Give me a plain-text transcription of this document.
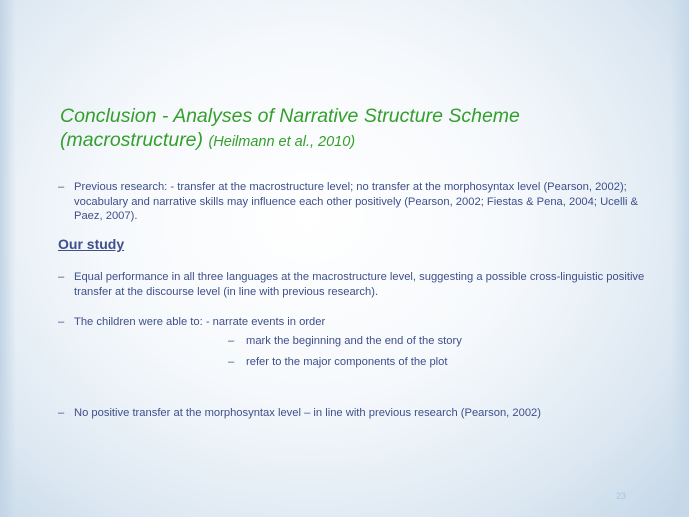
Conclusion - Analyses of Narrative Structure Scheme (macrostructure) (Heilmann et al., 2010)
– Previous research: - transfer at the macrostructure level; no transfer at the morphosyntax level (Pearson, 2002); vocabulary and narrative skills may influence each other positively (Pearson, 2002; Fiestas & Pena, 2004; Ucelli & Paez, 2007).
Our study
– Equal performance in all three languages at the macrostructure level, suggesting a possible cross-linguistic positive transfer at the discourse level (in line with previous research).
– The children were able to: - narrate events in order
– mark the beginning and the end of the story
– refer to the major components of the plot
– No positive transfer at the morphosyntax level – in line with previous research (Pearson, 2002)
23
